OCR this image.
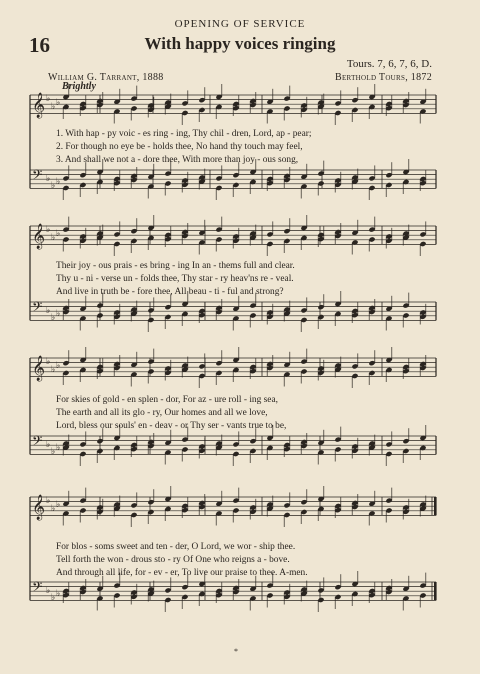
OPENING OF SERVICE
16	With happy voices ringing
Tours. 7, 6, 7, 6, D.
William G. Tarrant, 1888	Berthold Tours, 1872
Brightly
𝄞 ♭
♭ ♭
𝄢 ♭
♭ ♭
𝄞 ♭
♭ ♭
𝄢 ♭
♭ ♭
𝄞 ♭
♭ ♭
𝄢 ♭
♭ ♭
𝄞 ♭
♭ ♭
𝄢 ♭
♭ ♭
1. With hap - py voic - es ring - ing, Thy chil - dren, Lord, ap - pear;
2. For though no eye be - holds thee, No hand thy touch may feel,
3. And shall we not a - dore thee, With more than joy - ous song,
Their joy - ous prais - es bring - ing In an - thems full and clear.
Thy u - ni - verse un - folds thee, Thy star - ry heav'ns re - veal.
And live in truth be - fore thee, All beau - ti - ful and strong?
For skies of gold - en splen - dor, For az - ure roll - ing sea,
The earth and all its glo - ry, Our homes and all we love,
Lord, bless our souls' en - deav - or Thy ser - vants true to be,
For blos - soms sweet and ten - der, O Lord, we wor - ship thee.
Tell forth the won - drous sto - ry Of One who reigns a - bove.
And through all life, for - ev - er, To live our praise to thee. A-men.
*
